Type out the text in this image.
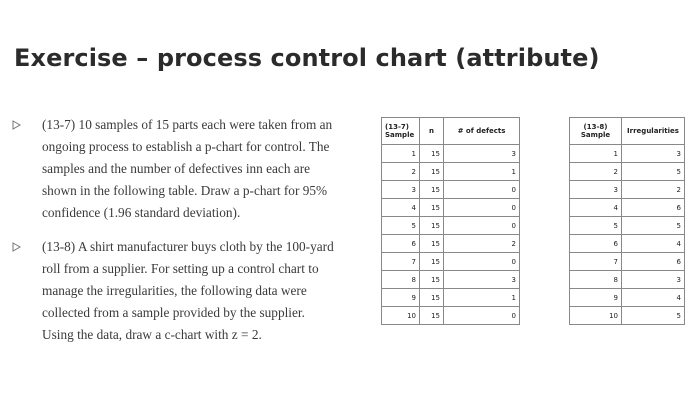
Exercise – process control chart (attribute)
(13-7) 10 samples of 15 parts each were taken from an
ongoing process to establish a p-chart for control. The
samples and the number of defectives inn each are
shown in the following table. Draw a p-chart for 95%
confidence (1.96 standard deviation).
(13-8) A shirt manufacturer buys cloth by the 100-yard
roll from a supplier. For setting up a control chart to
manage the irregularities, the following data were
collected from a sample provided by the supplier.
Using the data, draw a c-chart with z = 2.
(13-7)
Sample	n	# of defects
1	15	3
2	15	1
3	15	0
4	15	0
5	15	0
6	15	2
7	15	0
8	15	3
9	15	1
10	15	0
(13-8)
Sample	Irregularities
1	3
2	5
3	2
4	6
5	5
6	4
7	6
8	3
9	4
10	5
